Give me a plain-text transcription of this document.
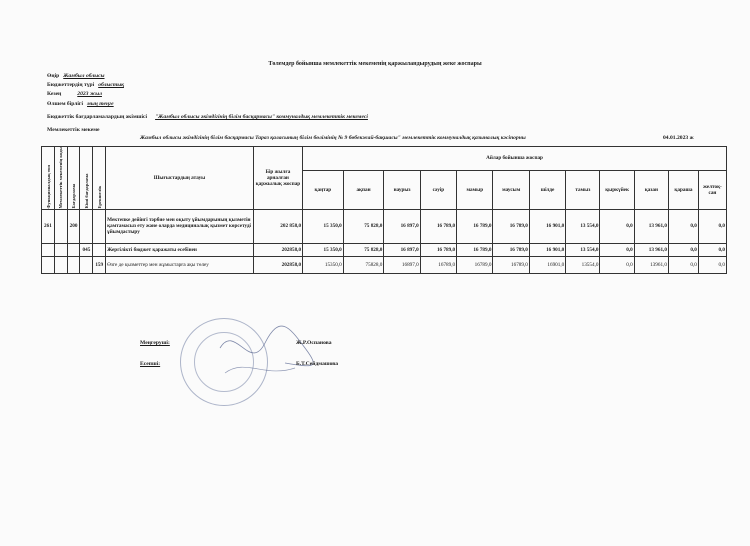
Төлемдер бойынша мемлекеттік мекеменің қаржыландырудың жеке жоспары
Өңір Жамбыл облысы
Бюджеттердің түрі облыстық
Кезең	2023 жыл
Өлшем бірлігі мың теңге
Бюджеттік бағдарламалардың әкімшісі "Жамбыл облысы әкімдігінің білім басқармасы" коммуналдық мемлекеттік мекемесі
Мемлекеттік мекеме
Жамбыл облысы әкімдігінің білім басқармасы Тараз қаласының білім бөлімінің № 9 бөбекжай-бақшасы" мемлекеттік коммуналдық қазыналық кәсіпорны	04.01.2023 ж
Функционалдық топ	Мемлекеттік мекеменің коды	Бағдарлама	Кіші бағдарлама	Ерекшелік	Шығыстардың атауы	Бір жылға арналған қаржылық жоспар	Айлар бойынша жоспар											
							қаңтар	ақпан	наурыз	сәуір	мамыр	маусым	шілде	тамыз	қыркүйек	қазан	қараша	желтоқ-сан
261		200			Мектепке дейінгі тәрбие мен оқыту ұйымдарының қызметін қамтамасыз ету және оларда медициналық қызмет көрсетуді ұйымдастыру	202 858,0	15 350,0	75 828,0	16 897,0	16 789,0	16 789,0	16 789,0	16 901,0	13 554,0	0,0	13 961,0	0,0	0,0
			045		Жергілікті бюджет қаражаты есебінен	202858,0	15 350,0	75 828,0	16 897,0	16 789,0	16 789,0	16 789,0	16 901,0	13 554,0	0,0	13 961,0	0,0	0,0
				159	Өзге де қызметтер мен жұмыстарға ақы төлеу	202858,0	15350,0	75828,0	16897,0	16789,0	16789,0	16789,0	16901,0	13554,0	0,0	13961,0	0,0	0,0
Меңгеруші:	Ж.Р.Оспанова
Есепші:	Б.Т.Сейдмашова
